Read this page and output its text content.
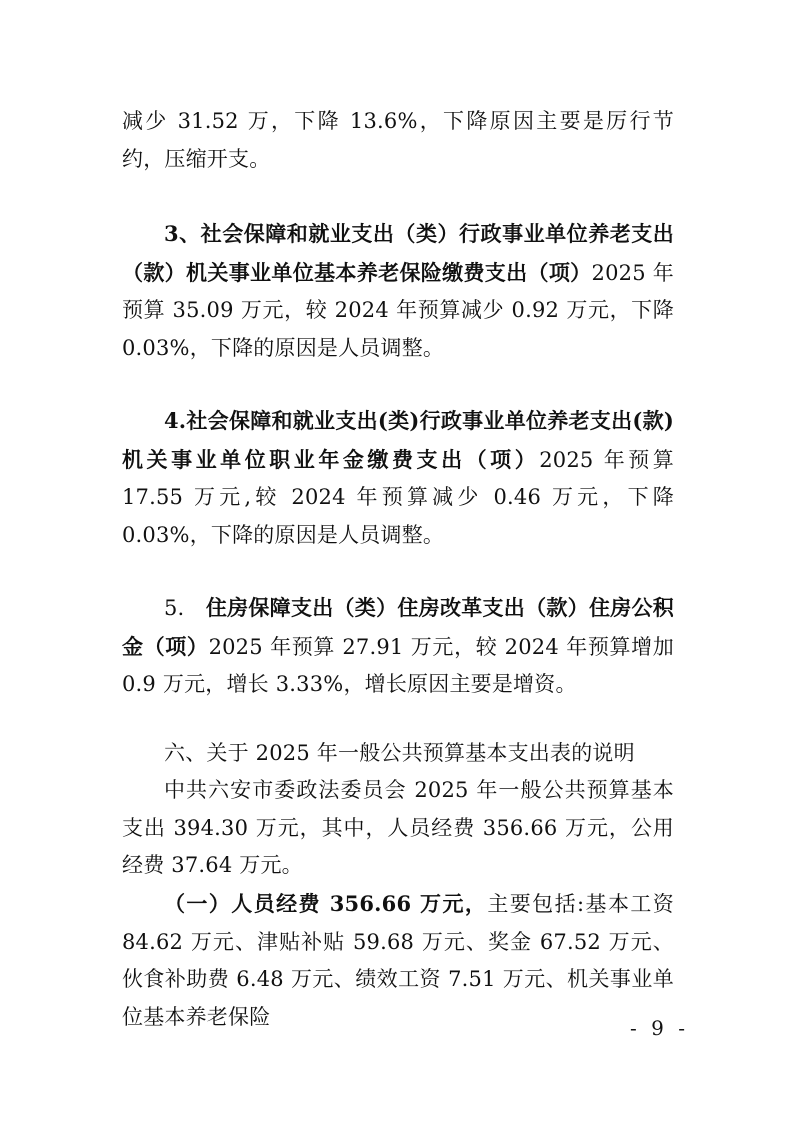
减少 31.52 万，下降 13.6%，下降原因主要是厉行节约，压缩开支。

3、社会保障和就业支出（类）行政事业单位养老支出（款）机关事业单位基本养老保险缴费支出（项）2025 年预算 35.09 万元，较 2024 年预算减少 0.92 万元，下降 0.03%，下降的原因是人员调整。

4.社会保障和就业支出(类)行政事业单位养老支出(款)机关事业单位职业年金缴费支出（项）2025 年预算 17.55 万元,较 2024 年预算减少 0.46 万元，下降 0.03%，下降的原因是人员调整。

5.　住房保障支出（类）住房改革支出（款）住房公积金（项）2025 年预算 27.91 万元，较 2024 年预算增加 0.9 万元，增长 3.33%，增长原因主要是增资。

六、关于 2025 年一般公共预算基本支出表的说明

中共六安市委政法委员会 2025 年一般公共预算基本支出 394.30 万元，其中，人员经费 356.66 万元，公用经费 37.64 万元。

（一）人员经费 356.66 万元，主要包括:基本工资 84.62 万元、津贴补贴 59.68 万元、奖金 67.52 万元、伙食补助费 6.48 万元、绩效工资 7.51 万元、机关事业单位基本养老保险	- 9 -
